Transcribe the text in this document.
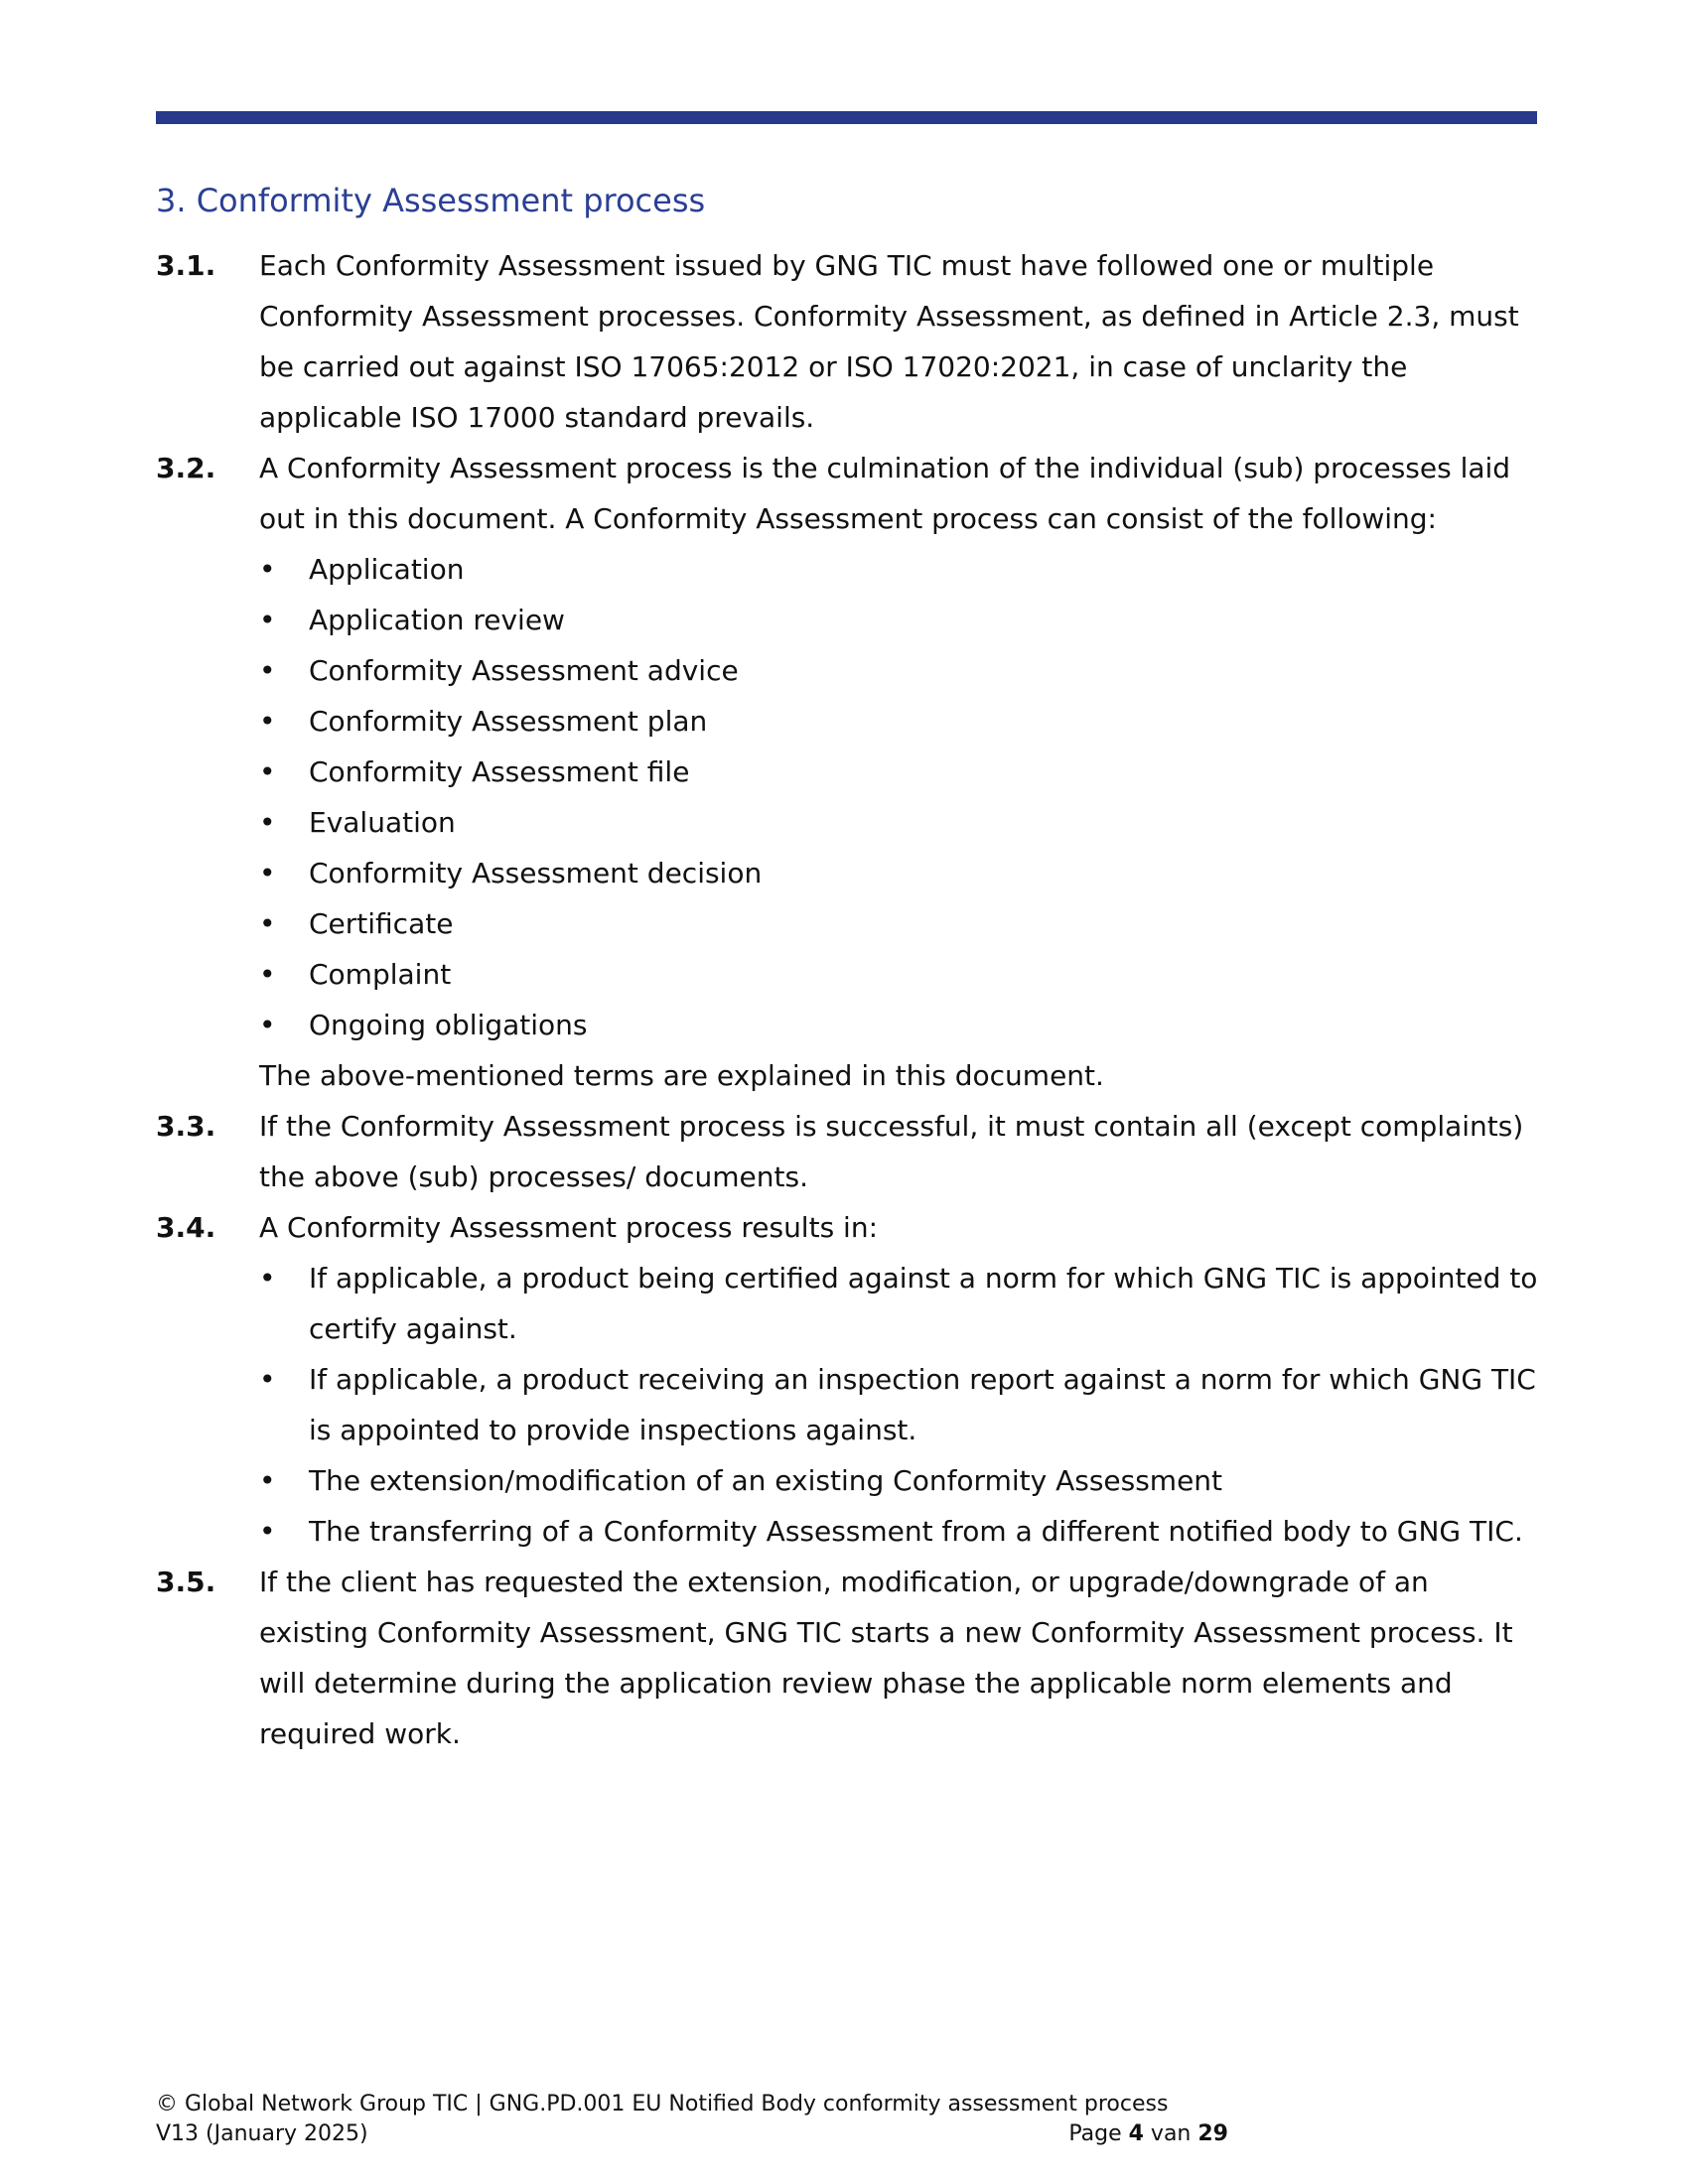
3. Conformity Assessment process
3.1.	Each Conformity Assessment issued by GNG TIC must have followed one or multiple Conformity Assessment processes. Conformity Assessment, as defined in Article 2.3, must be carried out against ISO 17065:2012 or ISO 17020:2021, in case of unclarity the applicable ISO 17000 standard prevails.

3.2.	A Conformity Assessment process is the culmination of the individual (sub) processes laid out in this document. A Conformity Assessment process can consist of the following:

• Application
• Application review
• Conformity Assessment advice
• Conformity Assessment plan
• Conformity Assessment file
• Evaluation
• Conformity Assessment decision
• Certificate
• Complaint
• Ongoing obligations

The above-mentioned terms are explained in this document.

3.3.	If the Conformity Assessment process is successful, it must contain all (except complaints) the above (sub) processes/ documents.

3.4.	A Conformity Assessment process results in:

• If applicable, a product being certified against a norm for which GNG TIC is appointed to certify against.
• If applicable, a product receiving an inspection report against a norm for which GNG TIC is appointed to provide inspections against.
• The extension/modification of an existing Conformity Assessment
• The transferring of a Conformity Assessment from a different notified body to GNG TIC.
3.5.	If the client has requested the extension, modification, or upgrade/downgrade of an existing Conformity Assessment, GNG TIC starts a new Conformity Assessment process. It will determine during the application review phase the applicable norm elements and required work.

© Global Network Group TIC | GNG.PD.001 EU Notified Body conformity assessment process
V13 (January 2025)	Page 4 van 29
